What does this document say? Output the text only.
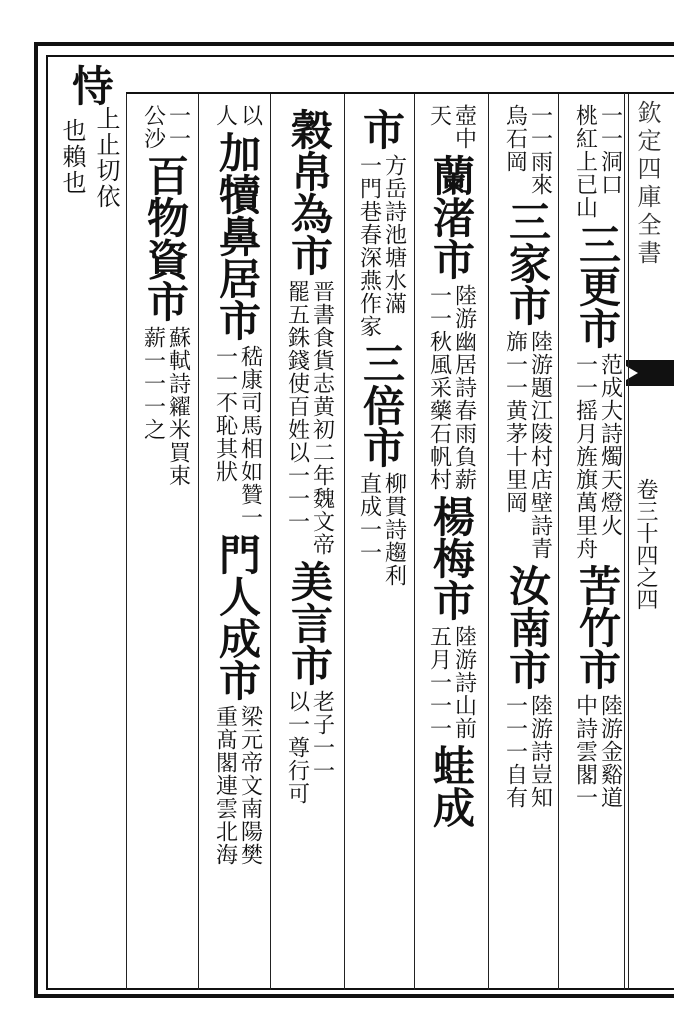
欽定四庫全書
卷三十四之四
恃
上止切依
也賴也	一一洞口
桃紅上已山
三更市
范成大詩燭天燈火
一一摇月旌旗萬里舟
苦竹市
陸游金谿道
中詩雲閣一
一一雨來
烏石岡
三家市
陸游題江陵村店壁詩青
旆一一黄茅十里岡
汝南市
陸游詩豈知
一一一自有
壺中
天
蘭渚市
陸游幽居詩春雨負薪
一一秋風采藥石帆村
楊梅市
陸游詩山前
五月一一一
蛙成
市
方岳詩池塘水滿
一門巷春深燕作家
三倍市
柳貫詩趨利
直成一一
穀帛為市
晋書食貨志黄初二年魏文帝
罷五銖錢使百姓以一一一
美言市
老子一一
以一尊行可
以
人
加犢鼻居市
嵇康司馬相如贊一
一一不恥其狀
門人成市
梁元帝文南陽樊
重髙閣連雲北海
一一
公沙
百物資市
蘇軾詩糴米買束
薪一一一之
